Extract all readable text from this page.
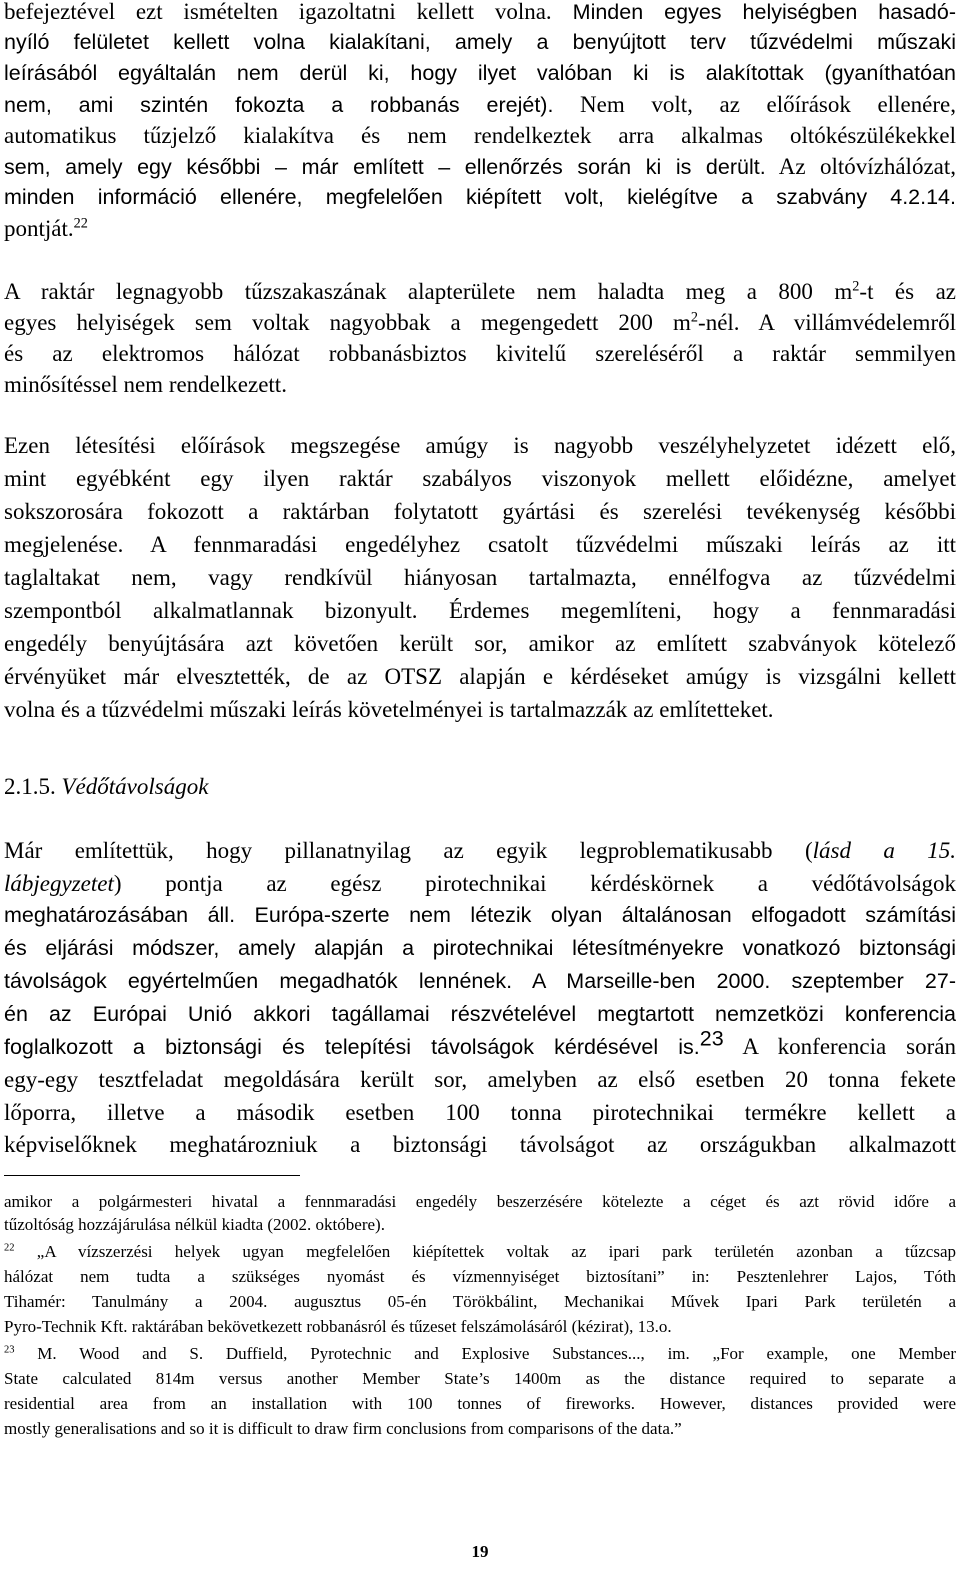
befejeztével ezt ismételten igazoltatni kellett volna. Minden egyes helyiségben hasadó-
nyíló felületet kellett volna kialakítani, amely a benyújtott terv tűzvédelmi műszaki
leírásából egyáltalán nem derül ki, hogy ilyet valóban ki is alakítottak (gyaníthatóan
nem, ami szintén fokozta a robbanás erejét). Nem volt, az előírások ellenére,
automatikus tűzjelző kialakítva és nem rendelkeztek arra alkalmas oltókészülékekkel
sem, amely egy későbbi – már említett – ellenőrzés során ki is derült. Az oltóvízhálózat,
minden információ ellenére, megfelelően kiépített volt, kielégítve a szabvány 4.2.14.
pontját.$^{22}$
A raktár legnagyobb tűzszakaszának alapterülete nem haladta meg a 800 $m^2-t$ és az
egyes helyiségek sem voltak nagyobbak a megengedett 200 $m^2$-nél. A villámvédelemről
és az elektromos hálózat robbanásbiztos kivitelű szereléséről a raktár semmilyen
minősítéssel nem rendelkezett.
Ezen létesítési előírások megszegése amúgy is nagyobb veszélyhelyzetet idézett elő,
mint egyébként egy ilyen raktár szabályos viszonyok mellett előidézne, amelyet
sokszorosára fokozott a raktárban folytatott gyártási és szerelési tevékenység későbbi
megjelenése. A fennmaradási engedélyhez csatolt tűzvédelmi műszaki leírás az itt
taglaltakat nem, vagy rendkívül hiányosan tartalmazta, ennélfogva az tűzvédelmi
szempontból alkalmatlannak bizonyult. Érdemes megemlíteni, hogy a fennmaradási
engedély benyújtására azt követően került sor, amikor az említett szabványok kötelező
érvényüket már elvesztették, de az OTSZ alapján e kérdéseket amúgy is vizsgálni kellett
volna és a tűzvédelmi műszaki leírás követelményei is tartalmazzák az említetteket.
2.1.5. Védőtávolságok
Már említettük, hogy pillanatnyilag az egyik legproblematikusabb (lásd a 15.
lábjegyzetet) pontja az egész pirotechnikai kérdéskörnek a védőtávolságok
meghatározásában áll. Európa-szerte nem létezik olyan általánosan elfogadott számítási
és eljárási módszer, amely alapján a pirotechnikai létesítményekre vonatkozó biztonsági
távolságok egyértelműen megadhatók lennének. A Marseille-ben 2000. szeptember 27-
én az Európai Unió akkori tagállamai részvételével megtartott nemzetközi konferencia
foglalkozott a biztonsági és telepítési távolságok kérdésével is.$^{23}$ A konferencia során
egy-egy tesztfeladat megoldására került sor, amelyben az első esetben 20 tonna fekete
lőporra, illetve a második esetben 100 tonna pirotechnikai termékre kellett a
képviselőknek meghatározniuk a biztonsági távolságot az országukban alkalmazott
amikor a polgármesteri hivatal a fennmaradási engedély beszerzésére kötelezte a céget és azt rövid időre a
tűzoltóság hozzájárulása nélkül kiadta (2002. októbere).
$^{22}$ „A vízszerzési helyek ugyan megfelelően kiépítettek voltak az ipari park területén azonban a tűzcsap
hálózat nem tudta a szükséges nyomást és vízmennyiséget biztosítani” in: Pesztenlehrer Lajos, Tóth
Tihamér: Tanulmány a 2004. augusztus 05-én Törökbálint, Mechanikai Művek Ipari Park területén a
Pyro-Technik Kft. raktárában bekövetkezett robbanásról és tűzeset felszámolásáról (kézirat), 13.o.
$^{23}$ M. Wood and S. Duffield, Pyrotechnic and Explosive Substances..., im. „For example, one Member
State calculated 814m versus another Member State’s 1400m as the distance required to separate a
residential area from an installation with 100 tonnes of fireworks. However, distances provided were
mostly generalisations and so it is difficult to draw firm conclusions from comparisons of the data.”
19
